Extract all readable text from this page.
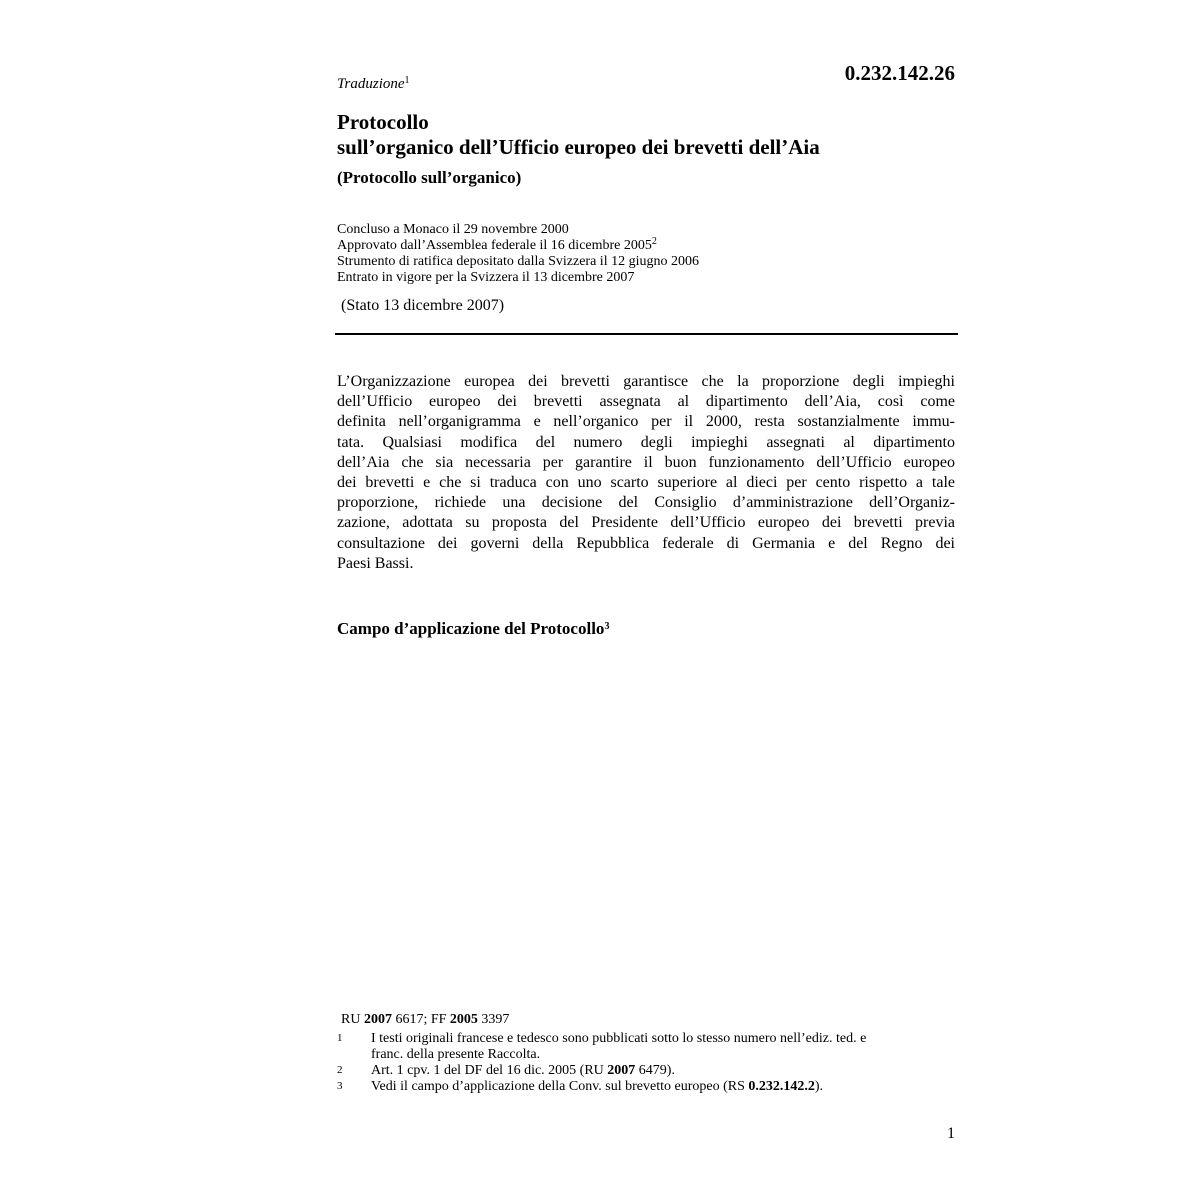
0.232.142.26
Traduzione$^1$
Protocollo
sull’organico dell’Ufficio europeo dei brevetti dell’Aia
(Protocollo sull’organico)
Concluso a Monaco il 29 novembre 2000
Approvato dall’Assemblea federale il 16 dicembre 2005$^2$
Strumento di ratifica depositato dalla Svizzera il 12 giugno 2006
Entrato in vigore per la Svizzera il 13 dicembre 2007
(Stato 13 dicembre 2007)
L’Organizzazione europea dei brevetti garantisce che la proporzione degli impieghi
dell’Ufficio europeo dei brevetti assegnata al dipartimento dell’Aia, così come
definita nell’organigramma e nell’organico per il 2000, resta sostanzialmente immu-
tata. Qualsiasi modifica del numero degli impieghi assegnati al dipartimento
dell’Aia che sia necessaria per garantire il buon funzionamento dell’Ufficio europeo
dei brevetti e che si traduca con uno scarto superiore al dieci per cento rispetto a tale
proporzione, richiede una decisione del Consiglio d’amministrazione dell’Organiz-
zazione, adottata su proposta del Presidente dell’Ufficio europeo dei brevetti previa
consultazione dei governi della Repubblica federale di Germania e del Regno dei
Paesi Bassi.
Campo d’applicazione del Protocollo$^3$
RU 2007 6617; FF 2005 3397
1	I testi originali francese e tedesco sono pubblicati sotto lo stesso numero nell’ediz. ted. e
franc. della presente Raccolta.
2	Art. 1 cpv. 1 del DF del 16 dic. 2005 (RU 2007 6479).
3	Vedi il campo d’applicazione della Conv. sul brevetto europeo (RS 0.232.142.2).
1
